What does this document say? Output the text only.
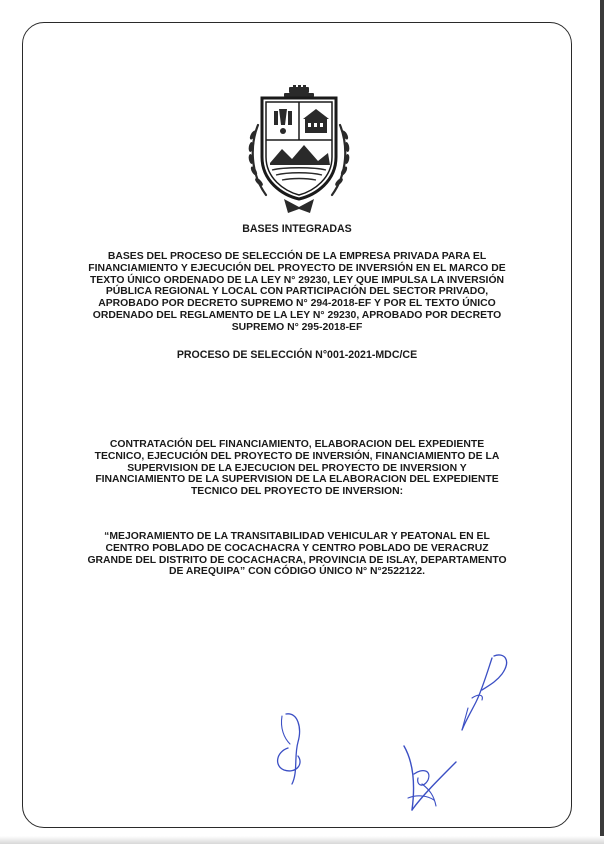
BASES INTEGRADAS

BASES DEL PROCESO DE SELECCIÓN DE LA EMPRESA PRIVADA PARA EL
FINANCIAMIENTO Y EJECUCIÓN DEL PROYECTO DE INVERSIÓN EN EL MARCO DE
TEXTO ÚNICO ORDENADO DE LA LEY N° 29230, LEY QUE IMPULSA LA INVERSIÓN
PÚBLICA REGIONAL Y LOCAL CON PARTICIPACIÓN DEL SECTOR PRIVADO,
APROBADO POR DECRETO SUPREMO N° 294-2018-EF Y POR EL TEXTO ÚNICO
ORDENADO DEL REGLAMENTO DE LA LEY N° 29230, APROBADO POR DECRETO
SUPREMO N° 295-2018-EF

PROCESO DE SELECCIÓN N°001-2021-MDC/CE

CONTRATACIÓN DEL FINANCIAMIENTO, ELABORACION DEL EXPEDIENTE
TECNICO, EJECUCIÓN DEL PROYECTO DE INVERSIÓN, FINANCIAMIENTO DE LA
SUPERVISION DE LA EJECUCION DEL PROYECTO DE INVERSION Y
FINANCIAMIENTO DE LA SUPERVISION DE LA ELABORACION DEL EXPEDIENTE
TECNICO DEL PROYECTO DE INVERSION:

“MEJORAMIENTO DE LA TRANSITABILIDAD VEHICULAR Y PEATONAL EN EL
CENTRO POBLADO DE COCACHACRA Y CENTRO POBLADO DE VERACRUZ
GRANDE DEL DISTRITO DE COCACHACRA, PROVINCIA DE ISLAY, DEPARTAMENTO
DE AREQUIPA” CON CÓDIGO ÚNICO N° N°2522122.
